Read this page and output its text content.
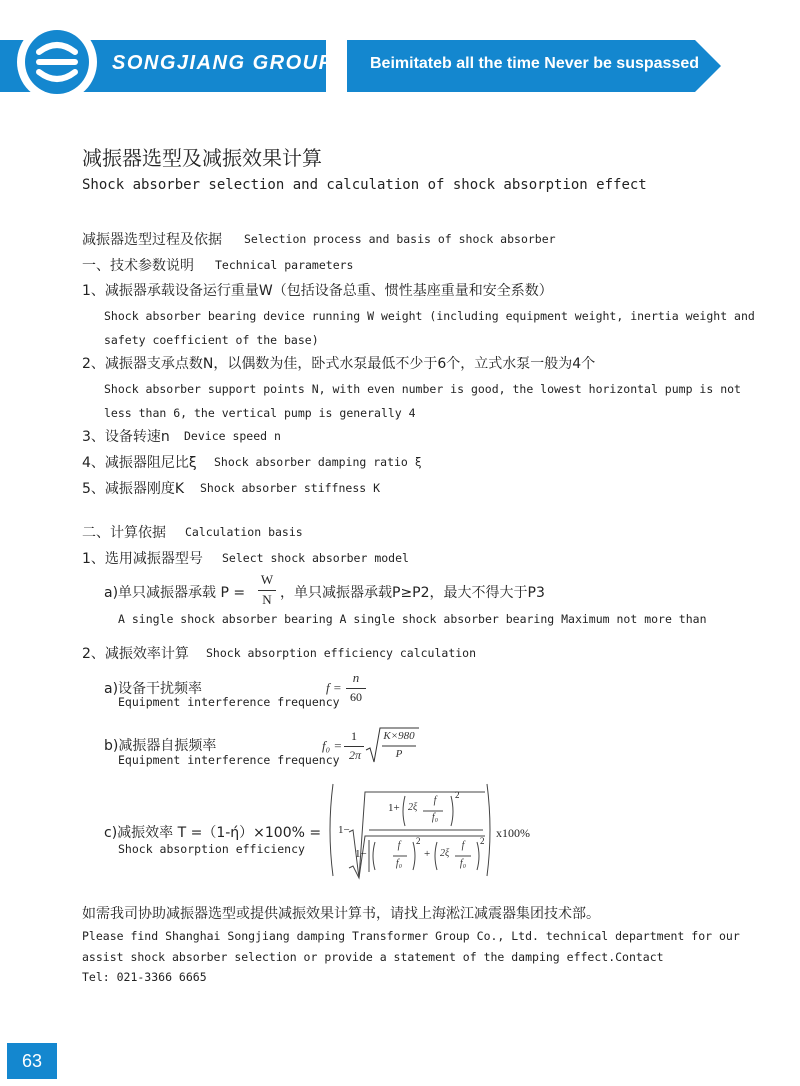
SONGJIANG GROUP Beimitateb all the time Never be suspassed
减振器选型及减振效果计算
Shock absorber selection and calculation of shock absorption effect
减振器选型过程及依据 Selection process and basis of shock absorber
一、技术参数说明 Technical parameters
1、减振器承载设备运行重量W（包括设备总重、惯性基座重量和安全系数）
Shock absorber bearing device running W weight (including equipment weight, inertia weight and
safety coefficient of the base)
2、减振器支承点数N，以偶数为佳，卧式水泵最低不少于6个，立式水泵一般为4个
Shock absorber support points N, with even number is good, the lowest horizontal pump is not
less than 6, the vertical pump is generally 4
3、设备转速n Device speed n
4、减振器阻尼比ξ Shock absorber damping ratio ξ
5、减振器刚度K Shock absorber stiffness K
二、计算依据 Calculation basis
1、选用减振器型号 Select shock absorber model
a)单只减振器承载 P =
W
N ，单只减振器承载P≥P2，最大不得大于P3
A single shock absorber bearing A single shock absorber bearing Maximum not more than
2、减振效率计算 Shock absorption efficiency calculation
a)设备干扰频率
Equipment interference frequency
f =
n
60
b)减振器自振频率
Equipment interference frequency
f₀ =
1
2π
K×980
P
c)减振效率 T =（1-ή）×100% =
Shock absorption efficiency
1−
1+ 2ξ
f
f₀
2
1−
f
f₀
2
+ 2ξ
f
f₀
2
x100%
如需我司协助减振器选型或提供减振效果计算书，请找上海淞江减震器集团技术部。
Please find Shanghai Songjiang damping Transformer Group Co., Ltd. technical department for our
assist shock absorber selection or provide a statement of the damping effect.Contact
Tel: 021-3366 6665
63
